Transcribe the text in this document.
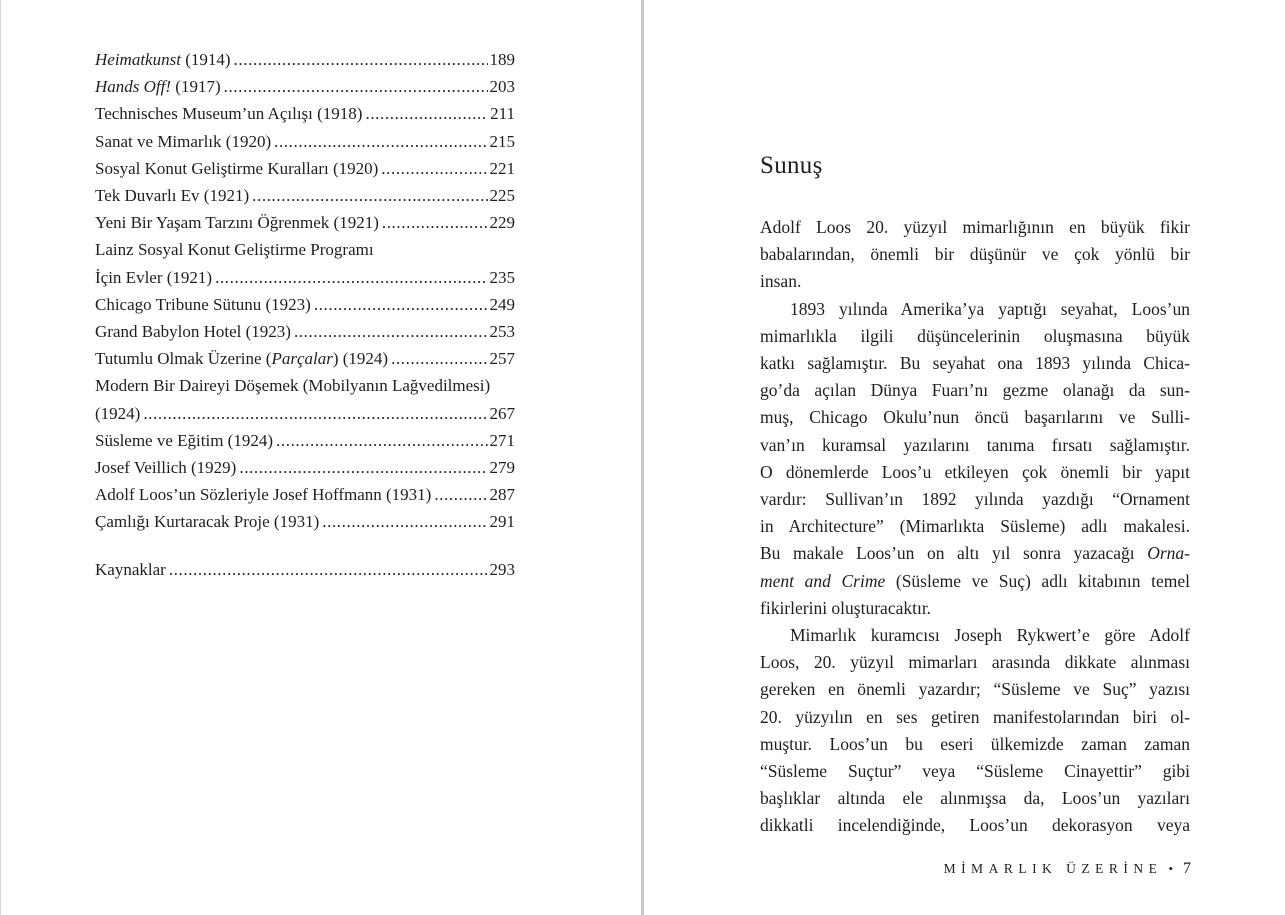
Heimatkunst (1914) .....	189
Hands Off! (1917) .....	203
Technisches Museum’un Açılışı (1918) .....	211
Sanat ve Mimarlık (1920) .....	215
Sosyal Konut Geliştirme Kuralları (1920) .....	221
Tek Duvarlı Ev (1921) .....	225
Yeni Bir Yaşam Tarzını Öğrenmek (1921) .....	229
Lainz Sosyal Konut Geliştirme Programı
İçin Evler (1921) .....	235
Chicago Tribune Sütunu (1923) .....	249
Grand Babylon Hotel (1923) .....	253
Tutumlu Olmak Üzerine (Parçalar) (1924) .....	257
Modern Bir Daireyi Döşemek (Mobilyanın Lağvedilmesi)
(1924) .....	267
Süsleme ve Eğitim (1924) .....	271
Josef Veillich (1929) .....	279
Adolf Loos’un Sözleriyle Josef Hoffmann (1931) .....	287
Çamlığı Kurtaracak Proje (1931) .....	291
Kaynaklar .....	293
Sunuş
Adolf Loos 20. yüzyıl mimarlığının en büyük fikir
babalarından, önemli bir düşünür ve çok yönlü bir
insan.
1893 yılında Amerika’ya yaptığı seyahat, Loos’un
mimarlıkla ilgili düşüncelerinin oluşmasına büyük
katkı sağlamıştır. Bu seyahat ona 1893 yılında Chica-
go’da açılan Dünya Fuarı’nı gezme olanağı da sun-
muş, Chicago Okulu’nun öncü başarılarını ve Sulli-
van’ın kuramsal yazılarını tanıma fırsatı sağlamıştır.
O dönemlerde Loos’u etkileyen çok önemli bir yapıt
vardır: Sullivan’ın 1892 yılında yazdığı “Ornament
in Architecture” (Mimarlıkta Süsleme) adlı makalesi.
Bu makale Loos’un on altı yıl sonra yazacağı Orna-
ment and Crime (Süsleme ve Suç) adlı kitabının temel
fikirlerini oluşturacaktır.
Mimarlık kuramcısı Joseph Rykwert’e göre Adolf
Loos, 20. yüzyıl mimarları arasında dikkate alınması
gereken en önemli yazardır; “Süsleme ve Suç” yazısı
20. yüzyılın en ses getiren manifestolarından biri ol-
muştur. Loos’un bu eseri ülkemizde zaman zaman
“Süsleme Suçtur” veya “Süsleme Cinayettir” gibi
başlıklar altında ele alınmışsa da, Loos’un yazıları
dikkatli incelendiğinde, Loos’un dekorasyon veya
MİMARLIK ÜZERİNE • 7
